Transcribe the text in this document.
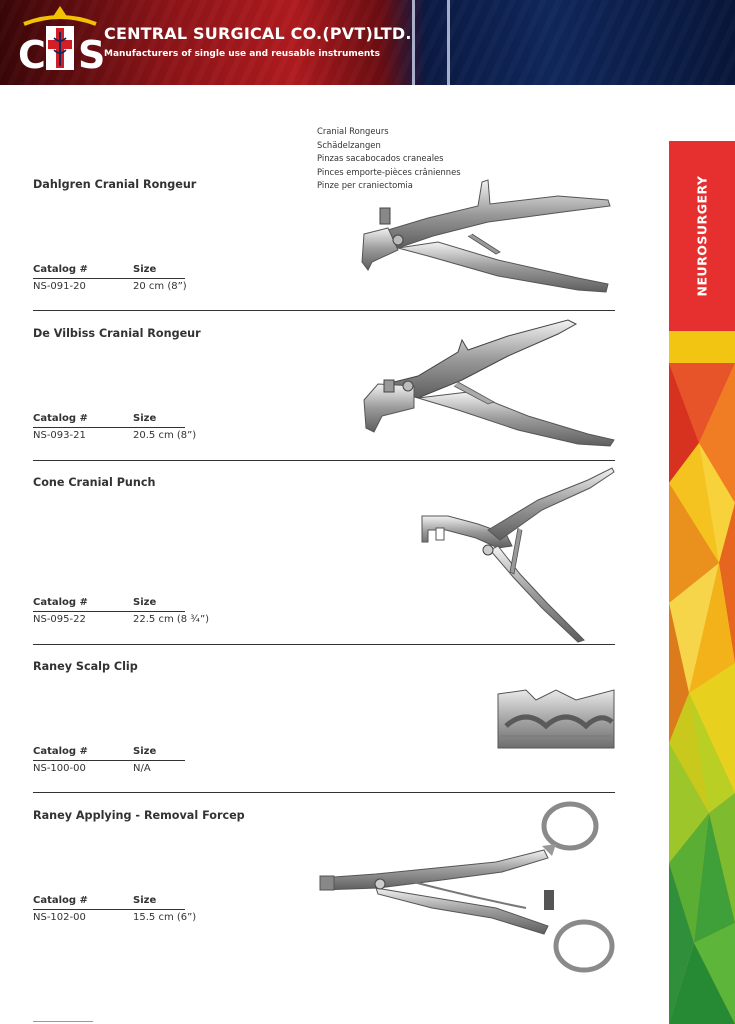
C S
CENTRAL SURGICAL CO.(PVT)LTD.
Manufacturers of single use and reusable instruments
NEUROSURGERY
Cranial Rongeurs
Schädelzangen
Pinzas sacabocados craneales
Pinces emporte-pièces crâniennes
Pinze per craniectomia
Dahlgren Cranial Rongeur
Catalog #	Size
NS-091-20	20 cm (8”)
De Vilbiss Cranial Rongeur
Catalog #	Size
NS-093-21	20.5 cm (8”)
Cone Cranial Punch
Catalog #	Size
NS-095-22	22.5 cm (8 ¾”)
Raney Scalp Clip
Catalog #	Size
NS-100-00	N/A
Raney Applying - Removal Forcep
Catalog #	Size
NS-102-00	15.5 cm (6”)
